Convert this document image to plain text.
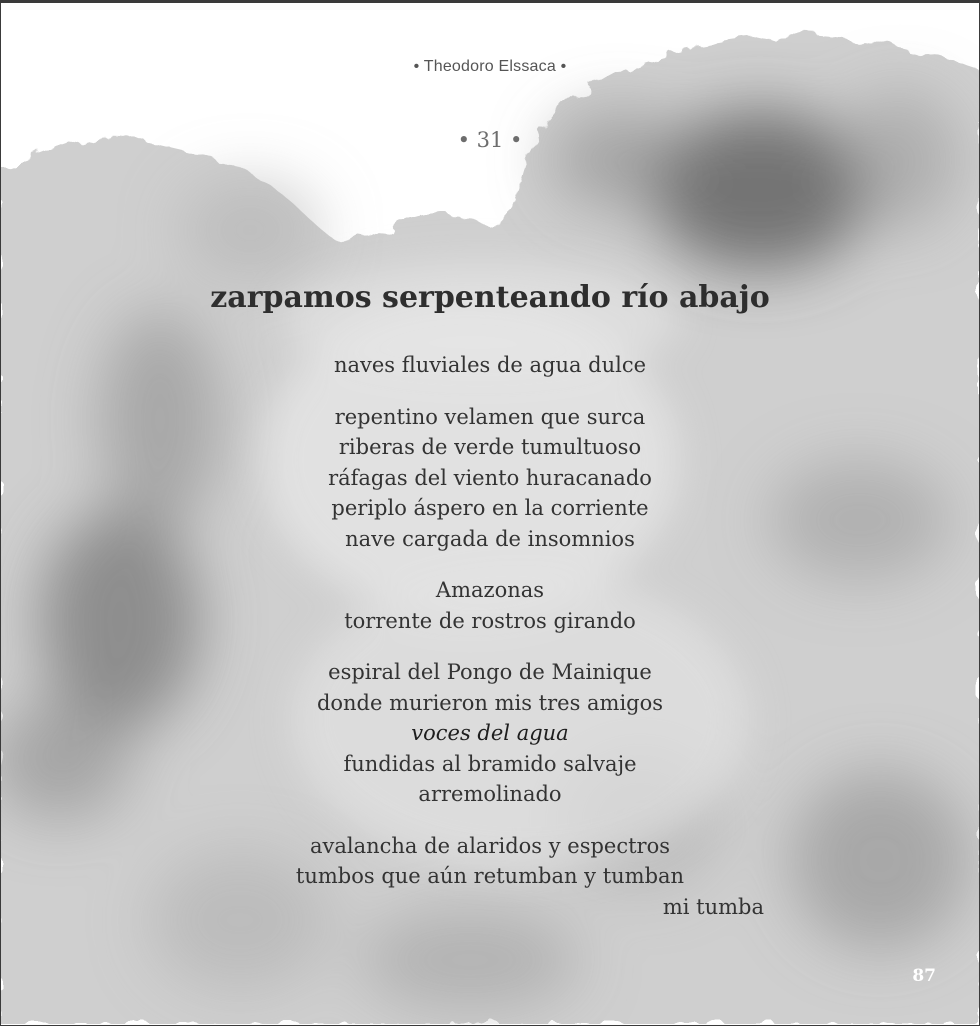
• Theodoro Elssaca •
• 31 •
zarpamos serpenteando río abajo
naves fluviales de agua dulce
repentino velamen que surca
riberas de verde tumultuoso
ráfagas del viento huracanado
periplo áspero en la corriente
nave cargada de insomnios
Amazonas
torrente de rostros girando
espiral del Pongo de Mainique
donde murieron mis tres amigos
voces del agua
fundidas al bramido salvaje
arremolinado
avalancha de alaridos y espectros
tumbos que aún retumban y tumban
mi tumba
87
